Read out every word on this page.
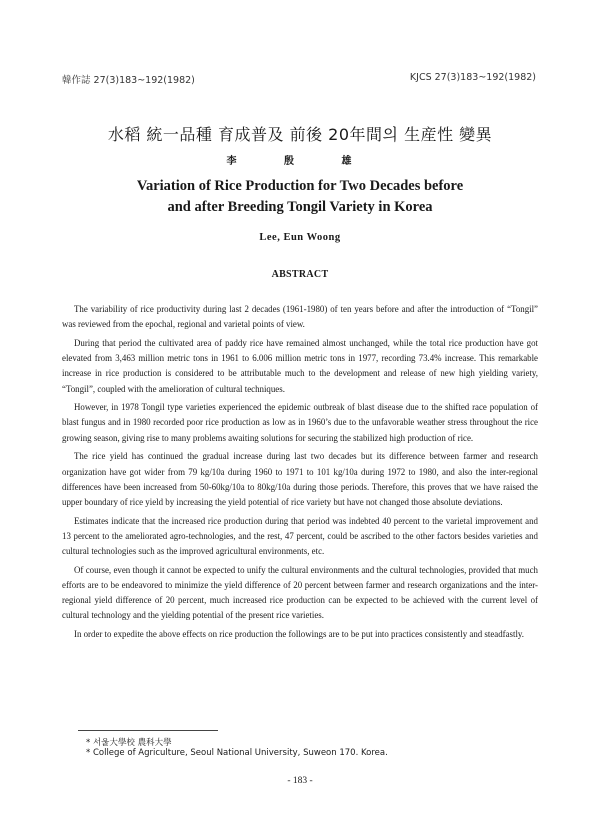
韓作誌 27(3)183~192(1982)	KJCS 27(3)183~192(1982)
水稻 統一品種 育成普及 前後 20年間의 生産性 變異
李 殷 雄
Variation of Rice Production for Two Decades before
and after Breeding Tongil Variety in Korea
Lee, Eun Woong
ABSTRACT

The variability of rice productivity during last 2 decades (1961-1980) of ten years before and after the introduction of “Tongil” was reviewed from the epochal, regional and varietal points of view.

During that period the cultivated area of paddy rice have remained almost unchanged, while the total rice production have got elevated from 3,463 million metric tons in 1961 to 6.006 million metric tons in 1977, recording 73.4% increase. This remarkable increase in rice production is considered to be attributable much to the development and release of new high yielding variety, “Tongil”, coupled with the amelioration of cultural techniques.

However, in 1978 Tongil type varieties experienced the epidemic outbreak of blast disease due to the shifted race population of blast fungus and in 1980 recorded poor rice production as low as in 1960’s due to the unfavorable weather stress throughout the rice growing season, giving rise to many problems awaiting solutions for securing the stabilized high production of rice.

The rice yield has continued the gradual increase during last two decades but its difference between farmer and research organization have got wider from 79 kg/10a during 1960 to 1971 to 101 kg/10a during 1972 to 1980, and also the inter-regional differences have been increased from 50-60kg/10a to 80kg/10a during those periods. Therefore, this proves that we have raised the upper boundary of rice yield by increasing the yield potential of rice variety but have not changed those absolute deviations.

Estimates indicate that the increased rice production during that period was indebted 40 percent to the varietal improvement and 13 percent to the ameliorated agro-technologies, and the rest, 47 percent, could be ascribed to the other factors besides varieties and cultural technologies such as the improved agricultural environments, etc.

Of course, even though it cannot be expected to unify the cultural environments and the cultural technologies, provided that much efforts are to be endeavored to minimize the yield difference of 20 percent between farmer and research organizations and the inter-regional yield difference of 20 percent, much increased rice production can be expected to be achieved with the current level of cultural technology and the yielding potential of the present rice varieties.

In order to expedite the above effects on rice production the followings are to be put into practices consistently and steadfastly.

* 서울大學校 農科大學
* College of Agriculture, Seoul National University, Suweon 170. Korea.
- 183 -
